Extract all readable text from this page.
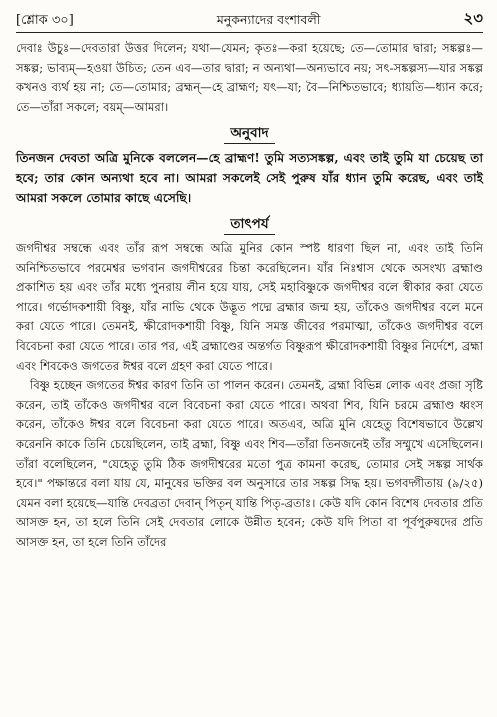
[শ্লোক ৩০]	মনুকন্যাদের বংশাবলী	২৩
দেবাঃ উচুঃ—দেবতারা উত্তর দিলেন; যথা—যেমন; কৃতঃ—করা হয়েছে; তে—তোমার দ্বারা; সঙ্কল্পঃ—সঙ্কল্প; ভাব্যম্—হওয়া উচিত; তেন এব—তার দ্বারা; ন অন্যথা—অন্যভাবে নয়; সৎ-সঙ্কল্পস্য—যার সঙ্কল্প কখনও ব্যর্থ হয় না; তে—তোমার; ব্রহ্মন্—হে ব্রাহ্মণ; যৎ—যা; বৈ—নিশ্চিতভাবে; ধ্যায়তি—ধ্যান করে; তে—তাঁরা সকলে; বয়ম্—আমরা।
অনুবাদ
তিনজন দেবতা অত্রি মুনিকে বললেন—হে ব্রাহ্মণ! তুমি সত্যসঙ্কল্প, এবং তাই তুমি যা চেয়েছ তা হবে; তার কোন অন্যথা হবে না। আমরা সকলেই সেই পুরুষ যাঁর ধ্যান তুমি করেছ, এবং তাই আমরা সকলে তোমার কাছে এসেছি।
তাৎপর্য

জগদীশ্বর সম্বন্ধে এবং তাঁর রূপ সম্বন্ধে অত্রি মুনির কোন স্পষ্ট ধারণা ছিল না, এবং তাই তিনি অনিশ্চিতভাবে পরমেশ্বর ভগবান জগদীশ্বরের চিন্তা করেছিলেন। যাঁর নিঃশ্বাস থেকে অসংখ্য ব্রহ্মাণ্ড প্রকাশিত হয় এবং তাঁর মধ্যে পুনরায় লীন হয়ে যায়, সেই মহাবিষ্ণুকে জগদীশ্বর বলে স্বীকার করা যেতে পারে। গর্ভোদকশায়ী বিষ্ণু, যাঁর নাভি থেকে উদ্ভূত পদ্মে ব্রহ্মার জন্ম হয়, তাঁকেও জগদীশ্বর বলে মনে করা যেতে পারে। তেমনই, ক্ষীরোদকশায়ী বিষ্ণু, যিনি সমস্ত জীবের পরমাত্মা, তাঁকেও জগদীশ্বর বলে বিবেচনা করা যেতে পারে। তার পর, এই ব্রহ্মাণ্ডের অন্তর্গত বিষ্ণুরূপ ক্ষীরোদকশায়ী বিষ্ণুর নির্দেশে, ব্রহ্মা এবং শিবকেও জগতের ঈশ্বর বলে গ্রহণ করা যেতে পারে।

বিষ্ণু হচ্ছেন জগতের ঈশ্বর কারণ তিনি তা পালন করেন। তেমনই, ব্রহ্মা বিভিন্ন লোক এবং প্রজা সৃষ্টি করেন, তাই তাঁকেও জগদীশ্বর বলে বিবেচনা করা যেতে পারে। অথবা শিব, যিনি চরমে ব্রহ্মাণ্ড ধ্বংস করেন, তাঁকেও ঈশ্বর বলে বিবেচনা করা যেতে পারে। অতএব, অত্রি মুনি যেহেতু বিশেষভাবে উল্লেখ করেননি কাকে তিনি চেয়েছিলেন, তাই ব্রহ্মা, বিষ্ণু এবং শিব—তাঁরা তিনজনেই তাঁর সম্মুখে এসেছিলেন। তাঁরা বলেছিলেন, "যেহেতু তুমি ঠিক জগদীশ্বরের মতো পুত্র কামনা করেছ, তোমার সেই সঙ্কল্প সার্থক হবে।" পক্ষান্তরে বলা যায় যে, মানুষের ভক্তির বল অনুসারে তার সঙ্কল্প সিদ্ধ হয়। ভগবদ্গীতায় (৯/২৫) যেমন বলা হয়েছে—যান্তি দেবব্রতা দেবান্ পিতৃন্ যান্তি পিতৃ-ব্রতাঃ। কেউ যদি কোন বিশেষ দেবতার প্রতি আসক্ত হন, তা হলে তিনি সেই দেবতার লোকে উন্নীত হবেন; কেউ যদি পিতা বা পূর্বপুরুষদের প্রতি আসক্ত হন, তা হলে তিনি তাঁদের
